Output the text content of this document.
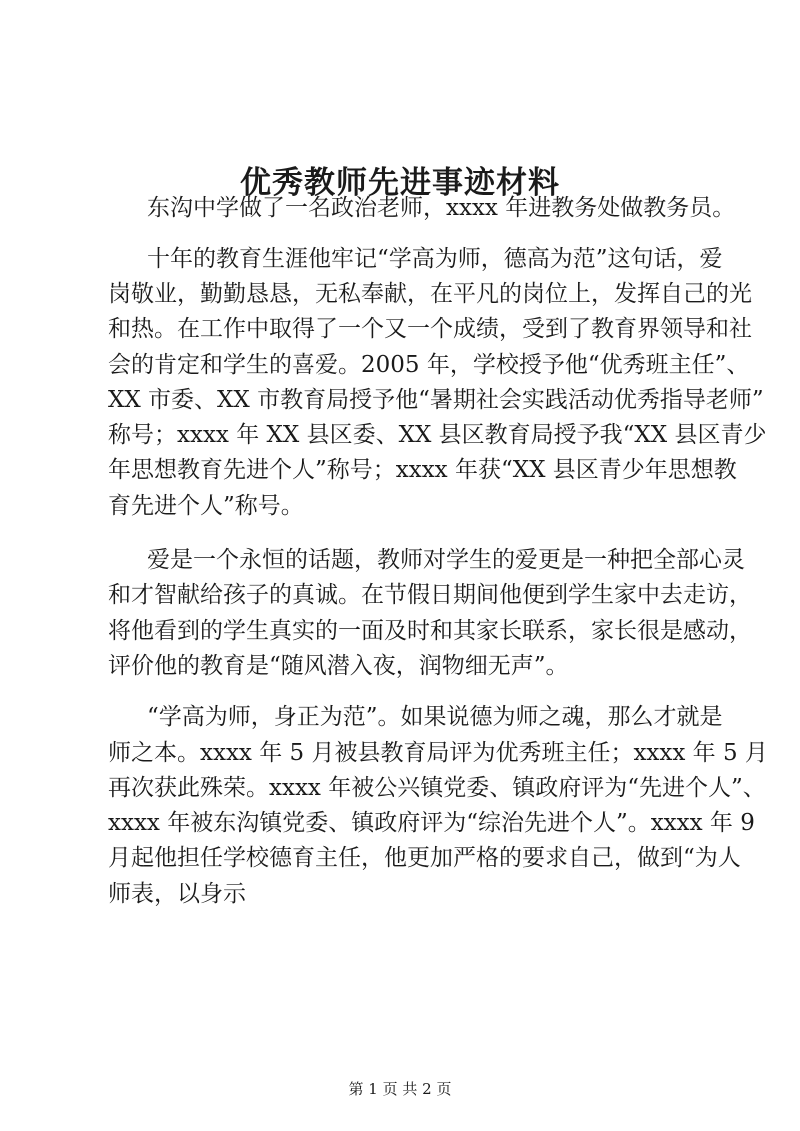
优秀教师先进事迹材料
东沟中学做了一名政治老师，xxxx 年进教务处做教务员。
十年的教育生涯他牢记“学高为师，德高为范”这句话，爱
岗敬业，勤勤恳恳，无私奉献，在平凡的岗位上，发挥自己的光
和热。在工作中取得了一个又一个成绩，受到了教育界领导和社
会的肯定和学生的喜爱。2005 年，学校授予他“优秀班主任”、
XX 市委、XX 市教育局授予他“暑期社会实践活动优秀指导老师”
称号；xxxx 年 XX 县区委、XX 县区教育局授予我“XX 县区青少
年思想教育先进个人”称号；xxxx 年获“XX 县区青少年思想教
育先进个人”称号。
爱是一个永恒的话题，教师对学生的爱更是一种把全部心灵
和才智献给孩子的真诚。在节假日期间他便到学生家中去走访，
将他看到的学生真实的一面及时和其家长联系，家长很是感动，
评价他的教育是“随风潜入夜，润物细无声”。
“学高为师，身正为范”。如果说德为师之魂，那么才就是
师之本。xxxx 年 5 月被县教育局评为优秀班主任；xxxx 年 5 月
再次获此殊荣。xxxx 年被公兴镇党委、镇政府评为“先进个人”、
xxxx 年被东沟镇党委、镇政府评为“综治先进个人”。xxxx 年 9
月起他担任学校德育主任，他更加严格的要求自己，做到“为人
师表，以身示
第 1 页 共 2 页
